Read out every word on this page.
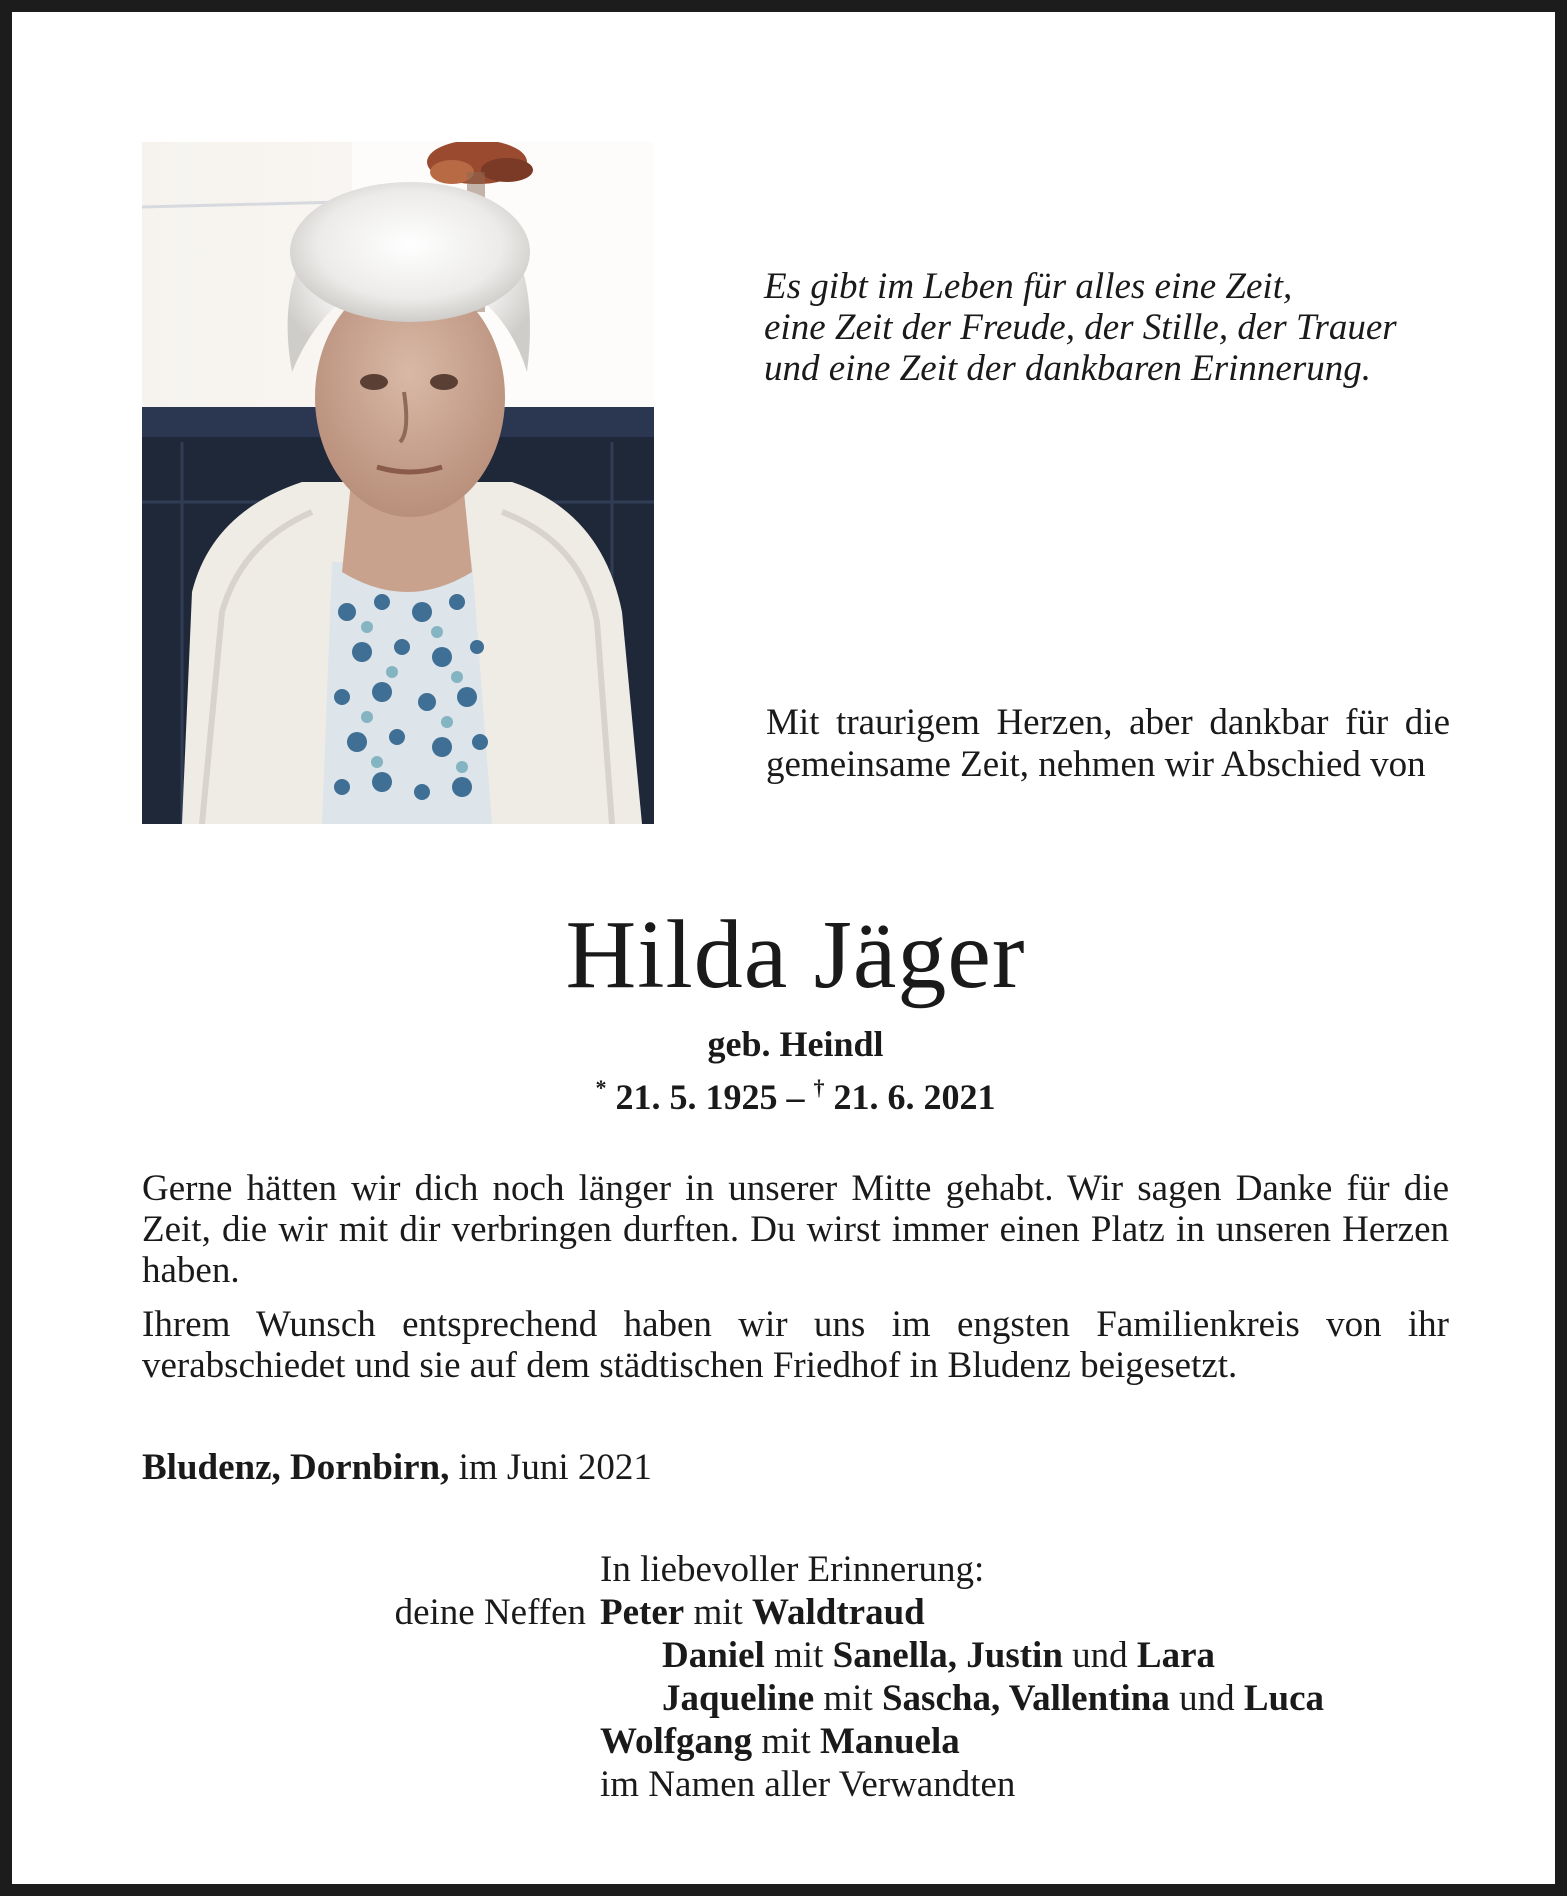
Es gibt im Leben für alles eine Zeit,
eine Zeit der Freude, der Stille, der Trauer
und eine Zeit der dankbaren Erinnerung.
Mit traurigem Herzen, aber dankbar für die gemeinsame Zeit, nehmen wir Abschied von
Hilda Jäger
geb. Heindl
* 21. 5. 1925 – † 21. 6. 2021
Gerne hätten wir dich noch länger in unserer Mitte gehabt. Wir sagen Danke für die Zeit, die wir mit dir verbringen durften. Du wirst immer einen Platz in unseren Herzen haben.
Ihrem Wunsch entsprechend haben wir uns im engsten Familienkreis von ihr verabschiedet und sie auf dem städtischen Friedhof in Bludenz beigesetzt.
Bludenz, Dornbirn, im Juni 2021
In liebevoller Erinnerung:
deine Neffen Peter mit Waldtraud
Daniel mit Sanella, Justin und Lara
Jaqueline mit Sascha, Vallentina und Luca
Wolfgang mit Manuela
im Namen aller Verwandten
